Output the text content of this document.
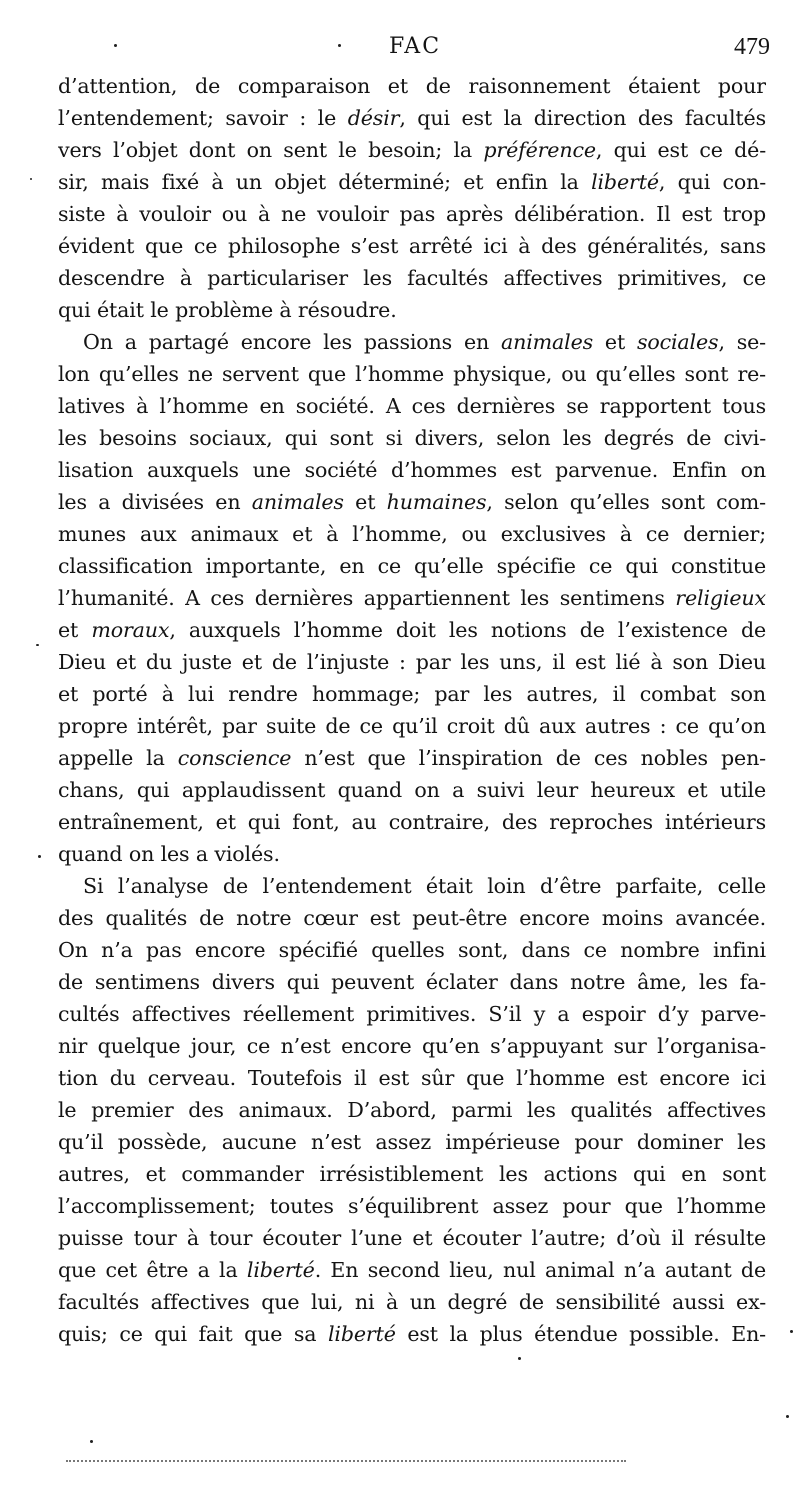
FAC	479
d’attention, de comparaison et de raisonnement étaient pour
l’entendement; savoir : le désir, qui est la direction des facultés
vers l’objet dont on sent le besoin; la préférence, qui est ce dé-
sir, mais fixé à un objet déterminé; et enfin la liberté, qui con-
siste à vouloir ou à ne vouloir pas après délibération. Il est trop
évident que ce philosophe s’est arrêté ici à des généralités, sans
descendre à particulariser les facultés affectives primitives, ce
qui était le problème à résoudre.
On a partagé encore les passions en animales et sociales, se-
lon qu’elles ne servent que l’homme physique, ou qu’elles sont re-
latives à l’homme en société. A ces dernières se rapportent tous
les besoins sociaux, qui sont si divers, selon les degrés de civi-
lisation auxquels une société d’hommes est parvenue. Enfin on
les a divisées en animales et humaines, selon qu’elles sont com-
munes aux animaux et à l’homme, ou exclusives à ce dernier;
classification importante, en ce qu’elle spécifie ce qui constitue
l’humanité. A ces dernières appartiennent les sentimens religieux
et moraux, auxquels l’homme doit les notions de l’existence de
Dieu et du juste et de l’injuste : par les uns, il est lié à son Dieu
et porté à lui rendre hommage; par les autres, il combat son
propre intérêt, par suite de ce qu’il croit dû aux autres : ce qu’on
appelle la conscience n’est que l’inspiration de ces nobles pen-
chans, qui applaudissent quand on a suivi leur heureux et utile
entraînement, et qui font, au contraire, des reproches intérieurs
quand on les a violés.
Si l’analyse de l’entendement était loin d’être parfaite, celle
des qualités de notre cœur est peut-être encore moins avancée.
On n’a pas encore spécifié quelles sont, dans ce nombre infini
de sentimens divers qui peuvent éclater dans notre âme, les fa-
cultés affectives réellement primitives. S’il y a espoir d’y parve-
nir quelque jour, ce n’est encore qu’en s’appuyant sur l’organisa-
tion du cerveau. Toutefois il est sûr que l’homme est encore ici
le premier des animaux. D’abord, parmi les qualités affectives
qu’il possède, aucune n’est assez impérieuse pour dominer les
autres, et commander irrésistiblement les actions qui en sont
l’accomplissement; toutes s’équilibrent assez pour que l’homme
puisse tour à tour écouter l’une et écouter l’autre; d’où il résulte
que cet être a la liberté. En second lieu, nul animal n’a autant de
facultés affectives que lui, ni à un degré de sensibilité aussi ex-
quis; ce qui fait que sa liberté est la plus étendue possible. En-
